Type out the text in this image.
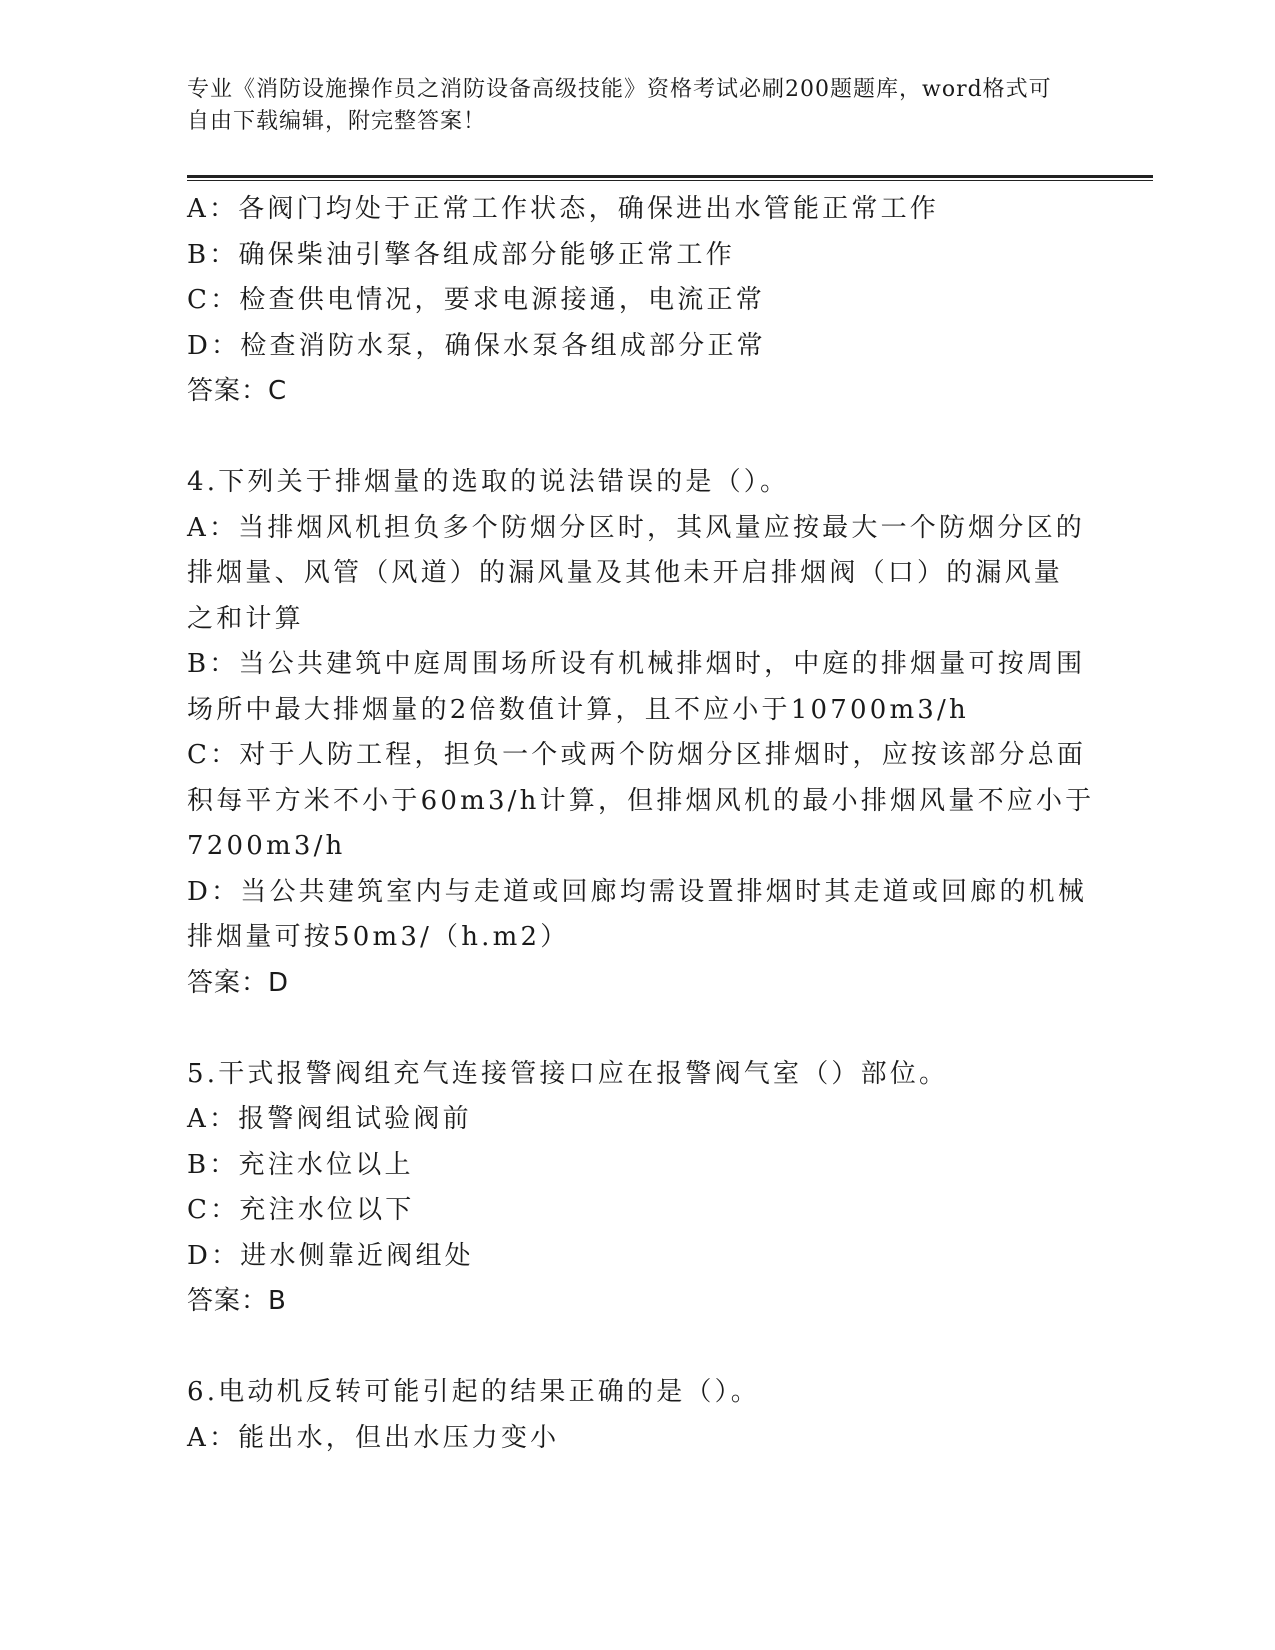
专业《消防设施操作员之消防设备高级技能》资格考试必刷200题题库，word格式可自由下载编辑，附完整答案！

A：各阀门均处于正常工作状态，确保进出水管能正常工作

B：确保柴油引擎各组成部分能够正常工作

C：检查供电情况，要求电源接通，电流正常

D：检查消防水泵，确保水泵各组成部分正常

答案：C

4.下列关于排烟量的选取的说法错误的是（）。

A：当排烟风机担负多个防烟分区时，其风量应按最大一个防烟分区的

排烟量、风管（风道）的漏风量及其他未开启排烟阀（口）的漏风量

之和计算

B：当公共建筑中庭周围场所设有机械排烟时，中庭的排烟量可按周围

场所中最大排烟量的2倍数值计算，且不应小于10700m3/h

C：对于人防工程，担负一个或两个防烟分区排烟时，应按该部分总面

积每平方米不小于60m3/h计算，但排烟风机的最小排烟风量不应小于

7200m3/h

D：当公共建筑室内与走道或回廊均需设置排烟时其走道或回廊的机械

排烟量可按50m3/（h.m2）

答案：D

5.干式报警阀组充气连接管接口应在报警阀气室（）部位。

A：报警阀组试验阀前

B：充注水位以上

C：充注水位以下

D：进水侧靠近阀组处

答案：B

6.电动机反转可能引起的结果正确的是（）。

A：能出水，但出水压力变小
